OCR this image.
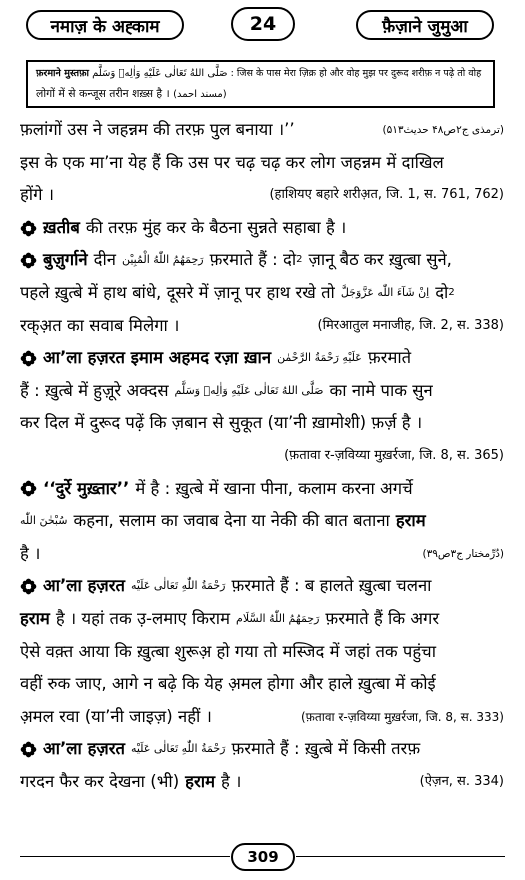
नमाज़ के अह्काम	24	फ़ैज़ाने जुमुआ
फ़रमाने मुस्तफ़ा صَلَّى اللهُ تَعَالٰى عَلَيْهِ وَاٰلِهٖ وَسَلَّم : जिस के पास मेरा ज़िक्र हो और वोह मुझ पर दुरूद शरीफ़ न पढ़े तो वोह
लोगों में से कन्जूस तरीन शख़्स है । (مسند احمد)
फ़लांगों उस ने जहन्नम की तरफ़ पुल बनाया ।’’	(ترمذی ج۲ص۴۸ حدیث۵۱۳)
इस के एक मा’ना येह हैं कि उस पर चढ़ चढ़ कर लोग जहन्नम में दाखिल
होंगे ।	(हाशियए बहारे शरीअ़त, जि. 1, स. 761, 762)
ख़तीब की तरफ़ मुंह कर के बैठना सुन्नते सहाबा है ।
बुज़ुर्गाने दीन رَحِمَهُمُ اللّٰهُ الْمُبِيْن फ़रमाते हैं : दो 2 ज़ानू बैठ कर ख़ुत्बा सुने,
पहले ख़ुत्बे में हाथ बांधे, दूसरे में ज़ानू पर हाथ रखे तो اِنْ شَآءَ اللّٰه عَزَّوَجَلَّ दो 2
रक्अ़त का सवाब मिलेगा ।	(मिरआतुल मनाजीह, जि. 2, स. 338)
आ’ला हज़रत इमाम अहमद रज़ा ख़ान عَلَيْهِ رَحْمَةُ الرَّحْمٰن फ़रमाते
हैं : ख़ुत्बे में हुज़ूरे अक्दस صَلَّى اللهُ تَعَالٰى عَلَيْهِ وَاٰلِهٖ وَسَلَّم का नामे पाक सुन
कर दिल में दुरूद पढ़ें कि ज़बान से सुकूत (या’नी ख़ामोशी) फ़र्ज़ है ।
(फ़तावा र-ज़विय्या मुख़र्रजा, जि. 8, स. 365)
‘‘दुर्रे मुख़्तार’’ में है : ख़ुत्बे में खाना पीना, कलाम करना अगर्चे
سُبْحٰنَ اللّٰه कहना, सलाम का जवाब देना या नेकी की बात बताना हराम
है ।	(دُرِّمختار ج۳ص۳۹)
आ’ला हज़रत رَحْمَةُ اللّٰهِ تَعَالٰى عَلَيْه फ़रमाते हैं : ब हालते ख़ुत्बा चलना
हराम है । यहां तक उ़-लमाए किराम رَحِمَهُمُ اللّٰهُ السَّلَام फ़रमाते हैं कि अगर
ऐसे वक़्त आया कि ख़ुत्बा शुरूअ़ हो गया तो मस्जिद में जहां तक पहुंचा
वहीं रुक जाए, आगे न बढ़े कि येह अ़मल होगा और हाले ख़ुत्बा में कोई
अ़मल रवा (या’नी जाइज़) नहीं ।	(फ़तावा र-ज़विय्या मुख़र्रजा, जि. 8, स. 333)
आ’ला हज़रत رَحْمَةُ اللّٰهِ تَعَالٰى عَلَيْه फ़रमाते हैं : ख़ुत्बे में किसी तरफ़
गरदन फैर कर देखना (भी) हराम है ।	(ऐज़न, स. 334)
309
